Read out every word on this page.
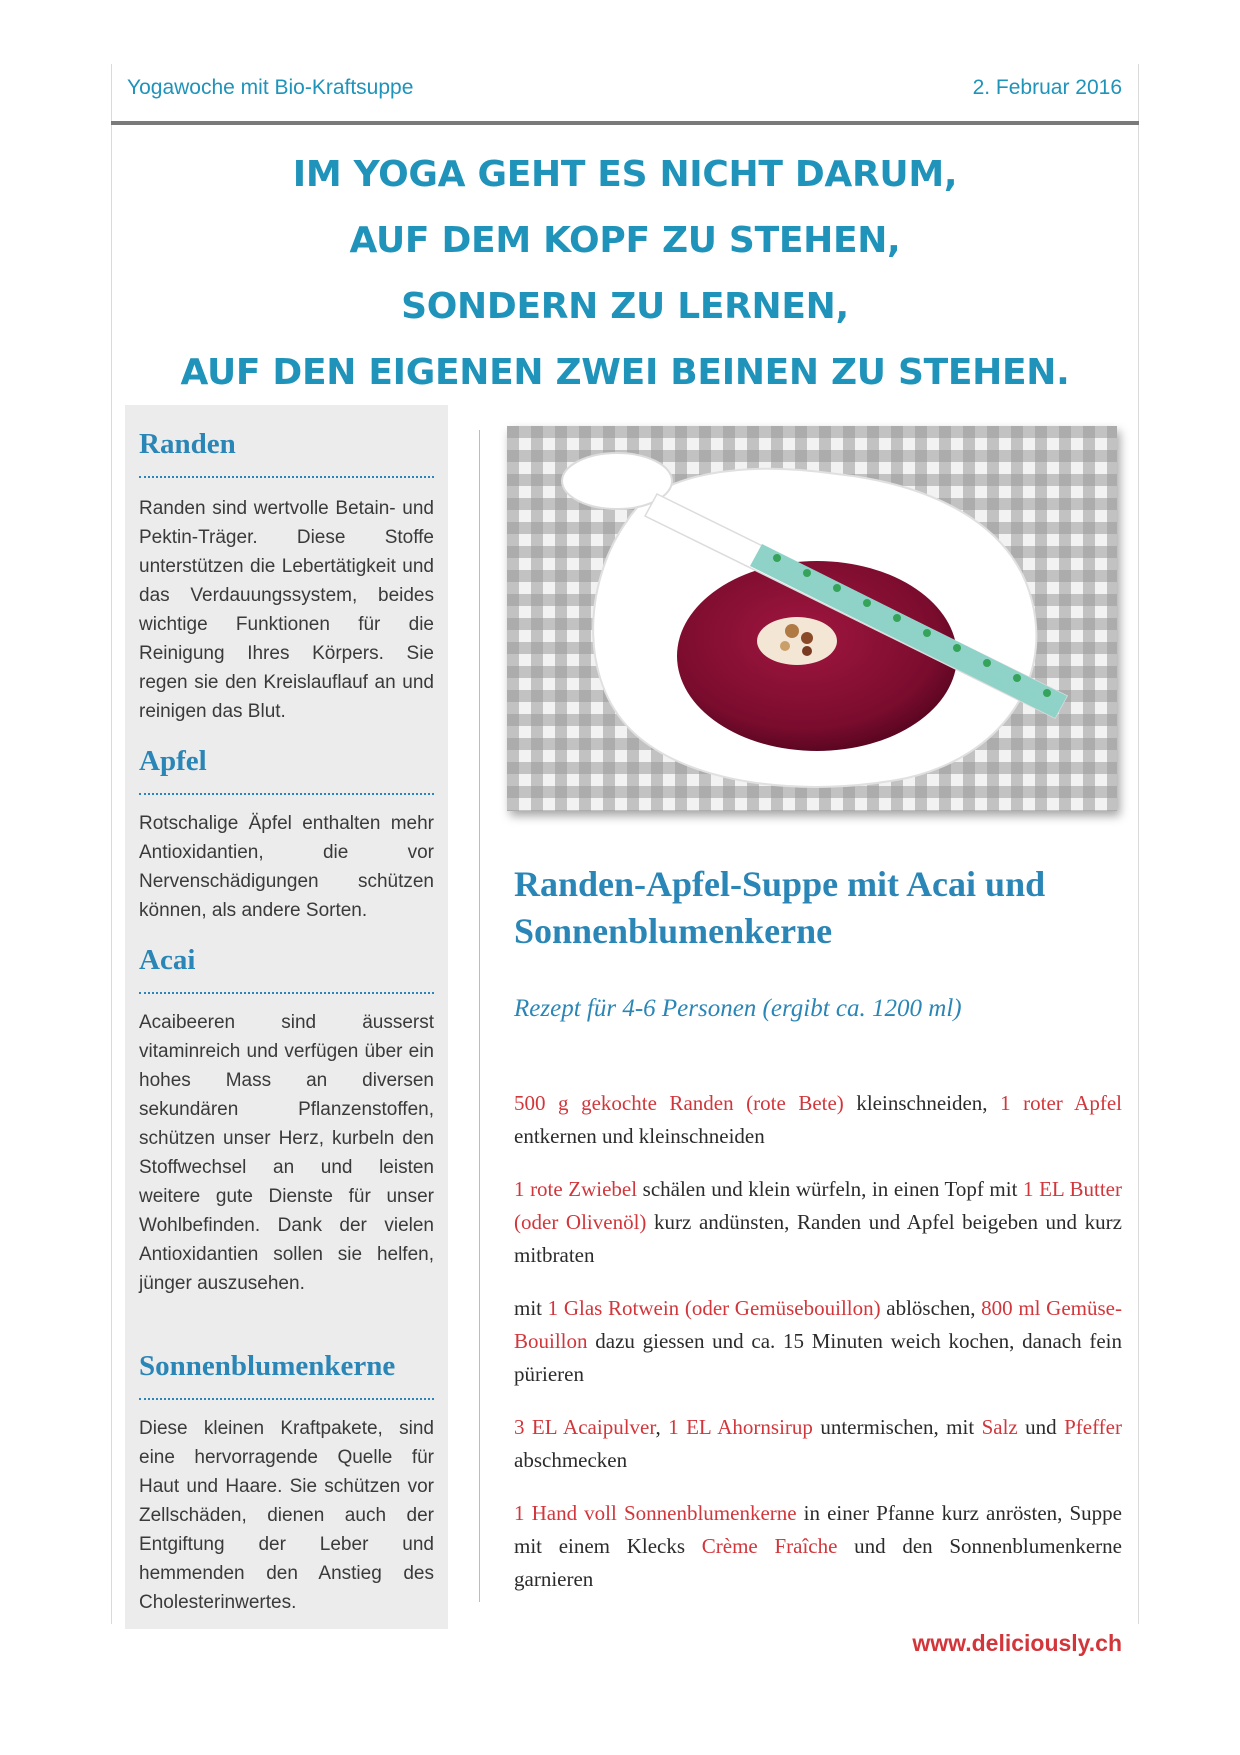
Yogawoche mit Bio-Kraftsuppe	2. Februar 2016
IM YOGA GEHT ES NICHT DARUM,
AUF DEM KOPF ZU STEHEN,
SONDERN ZU LERNEN,
AUF DEN EIGENEN ZWEI BEINEN ZU STEHEN.
Randen
Randen sind wertvolle Betain- und Pektin-Träger. Diese Stoffe unterstützen die Lebertätigkeit und das Verdauungssystem, beides wichtige Funktionen für die Reinigung Ihres Körpers. Sie regen sie den Kreislauflauf an und reinigen das Blut.
Apfel
Rotschalige Äpfel enthalten mehr Antioxidantien, die vor Nervenschädigungen schützen können, als andere Sorten.
Acai
Acaibeeren sind äusserst vitaminreich und verfügen über ein hohes Mass an diversen sekundären Pflanzenstoffen, schützen unser Herz, kurbeln den Stoffwechsel an und leisten weitere gute Dienste für unser Wohlbefinden. Dank der vielen Antioxidantien sollen sie helfen, jünger auszusehen.
Sonnenblumenkerne
Diese kleinen Kraftpakete, sind eine hervorragende Quelle für Haut und Haare. Sie schützen vor Zellschäden, dienen auch der Entgiftung der Leber und hemmenden den Anstieg des Cholesterinwertes.
Randen-Apfel-Suppe mit Acai und Sonnenblumenkerne
Rezept für 4-6 Personen (ergibt ca. 1200 ml)

500 g gekochte Randen (rote Bete) kleinschneiden, 1 roter Apfel entkernen und kleinschneiden

1 rote Zwiebel schälen und klein würfeln, in einen Topf mit 1 EL Butter (oder Olivenöl) kurz andünsten, Randen und Apfel beigeben und kurz mitbraten

mit 1 Glas Rotwein (oder Gemüsebouillon) ablöschen, 800 ml Gemüse-Bouillon dazu giessen und ca. 15 Minuten weich kochen, danach fein pürieren

3 EL Acaipulver, 1 EL Ahornsirup untermischen, mit Salz und Pfeffer abschmecken

1 Hand voll Sonnenblumenkerne in einer Pfanne kurz anrösten, Suppe mit einem Klecks Crème Fraîche und den Sonnenblumenkerne garnieren

www.deliciously.ch
